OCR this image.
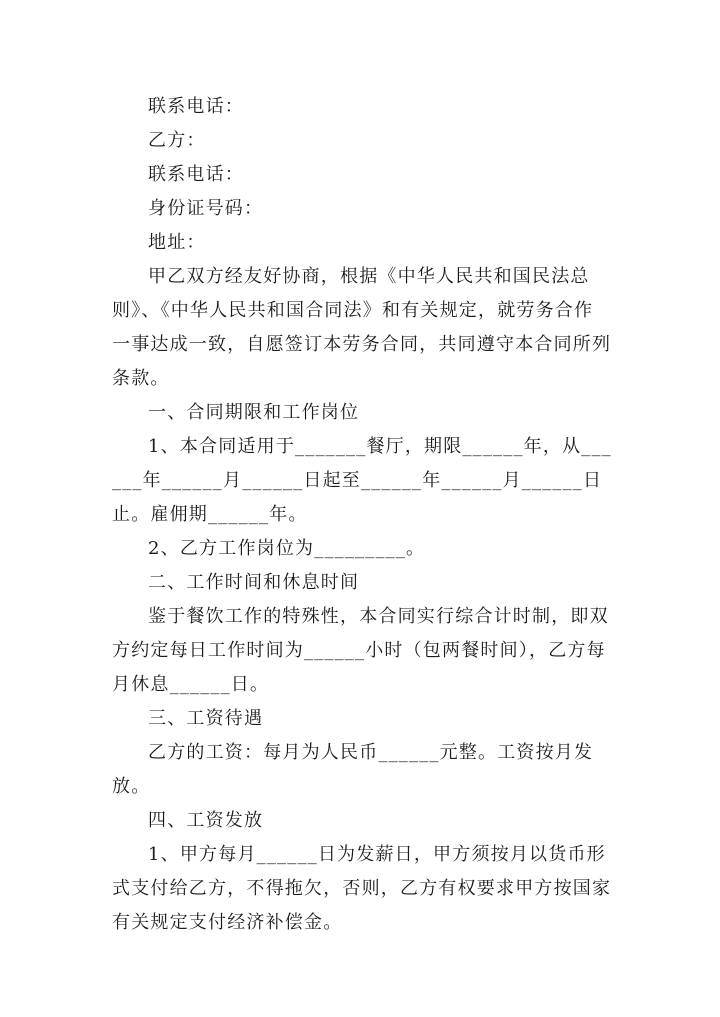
联系电话：

乙方：

联系电话：

身份证号码：

地址：

甲乙双方经友好协商，根据《中华人民共和国民法总则》、《中华人民共和国合同法》和有关规定，就劳务合作一事达成一致，自愿签订本劳务合同，共同遵守本合同所列条款。

一、合同期限和工作岗位

1、本合同适用于_______餐厅，期限______年，从______年______月______日起至______年______月______日止。雇佣期______年。

2、乙方工作岗位为_________。

二、工作时间和休息时间

鉴于餐饮工作的特殊性，本合同实行综合计时制，即双方约定每日工作时间为______小时（包两餐时间），乙方每月休息______日。

三、工资待遇

乙方的工资：每月为人民币______元整。工资按月发放。

四、工资发放

1、甲方每月______日为发薪日，甲方须按月以货币形式支付给乙方，不得拖欠，否则，乙方有权要求甲方按国家有关规定支付经济补偿金。
